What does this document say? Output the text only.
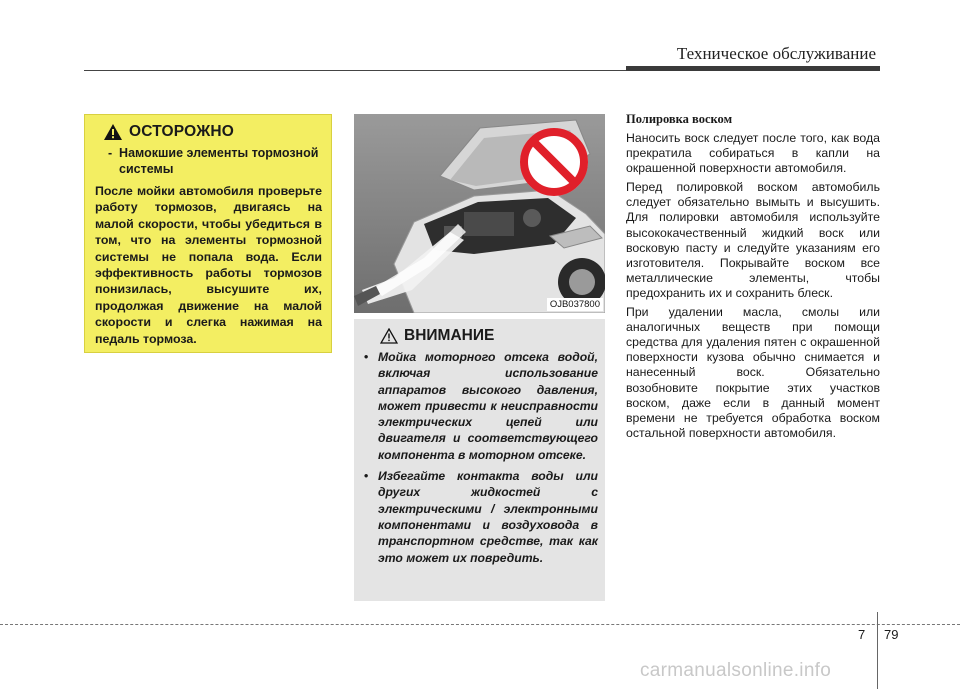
Техническое обслуживание
ОСТОРОЖНО
- Намокшие элементы тормозной системы

После мойки автомобиля проверьте работу тормозов, двигаясь на малой скорости, чтобы убедиться в том, что на элементы тормозной системы не попала вода. Если эффективность работы тормозов понизилась, высушите их, продолжая движение на малой скорости и слегка нажимая на педаль тормоза.

OJB037800
ВНИМАНИЕ
• Мойка моторного отсека водой, включая использование аппаратов высокого давления, может привести к неисправности электрических цепей или двигателя и соответствующего компонента в моторном отсеке.
• Избегайте контакта воды или других жидкостей с электрическими / электронными компонентами и воздуховода в транспортном средстве, так как это может их повредить.
Полировка воском

Наносить воск следует после того, как вода прекратила собираться в капли на окрашенной поверхности автомобиля.

Перед полировкой воском автомобиль следует обязательно вымыть и высушить. Для полировки автомобиля используйте высококачественный жидкий воск или восковую пасту и следуйте указаниям его изготовителя. Покрывайте воском все металлические элементы, чтобы предохранить их и сохранить блеск.

При удалении масла, смолы или аналогичных веществ при помощи средства для удаления пятен с окрашенной поверхности кузова обычно снимается и нанесенный воск. Обязательно возобновите покрытие этих участков воском, даже если в данный момент времени не требуется обработка воском остальной поверхности автомобиля.

7 79
carmanualsonline.info
